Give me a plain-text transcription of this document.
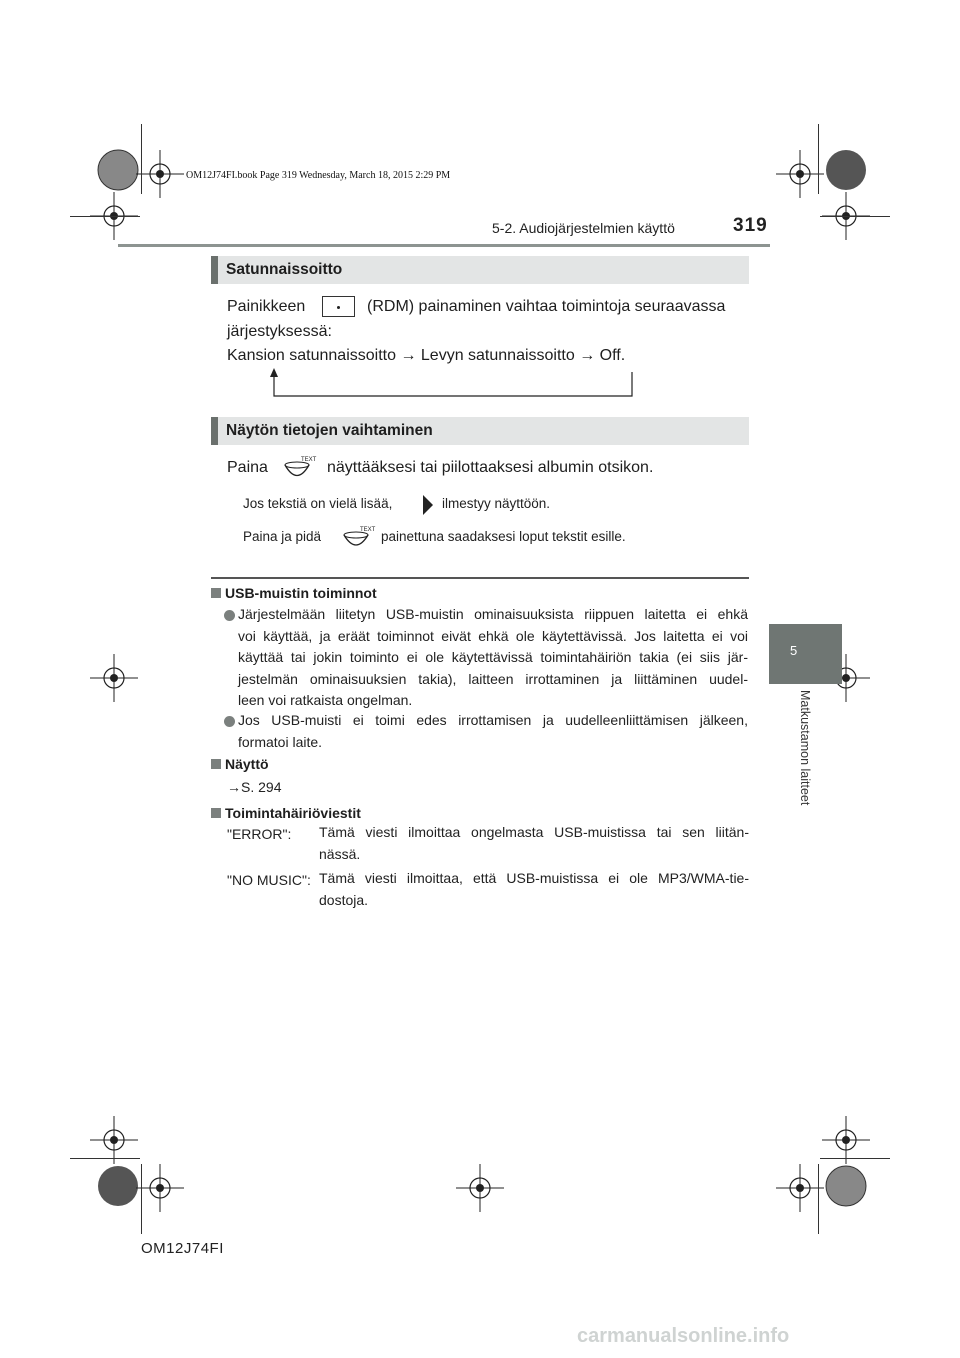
OM12J74FI.book Page 319 Wednesday, March 18, 2015 2:29 PM
5-2. Audiojärjestelmien käyttö	319
Satunnaissoitto
Painikkeen	(RDM) painaminen vaihtaa toimintoja seuraavassa
järjestyksessä:
Kansion satunnaissoitto → Levyn satunnaissoitto → Off.
Näytön tietojen vaihtaminen
Paina	TEXT näyttääksesi tai piilottaaksesi albumin otsikon.
Jos tekstiä on vielä lisää,	ilmestyy näyttöön.
Paina ja pidä	TEXT painettuna saadaksesi loput tekstit esille.
USB-muistin toiminnot
Järjestelmään liitetyn USB-muistin ominaisuuksista riippuen laitetta ei ehkä
voi käyttää, ja eräät toiminnot eivät ehkä ole käytettävissä. Jos laitetta ei voi
käyttää tai jokin toiminto ei ole käytettävissä toimintahäiriön takia (ei siis jär-
jestelmän ominaisuuksien takia), laitteen irrottaminen ja liittäminen uudel-
leen voi ratkaista ongelman.
Jos USB-muisti ei toimi edes irrottamisen ja uudelleenliittämisen jälkeen,
formatoi laite.
Näyttö
→S. 294
Toimintahäiriöviestit
"ERROR": Tämä viesti ilmoittaa ongelmasta USB-muistissa tai sen liitän-
nässä.
"NO MUSIC": Tämä viesti ilmoittaa, että USB-muistissa ei ole MP3/WMA-tie-
dostoja.
5
Matkustamon laitteet
OM12J74FI
carmanualsonline.info
